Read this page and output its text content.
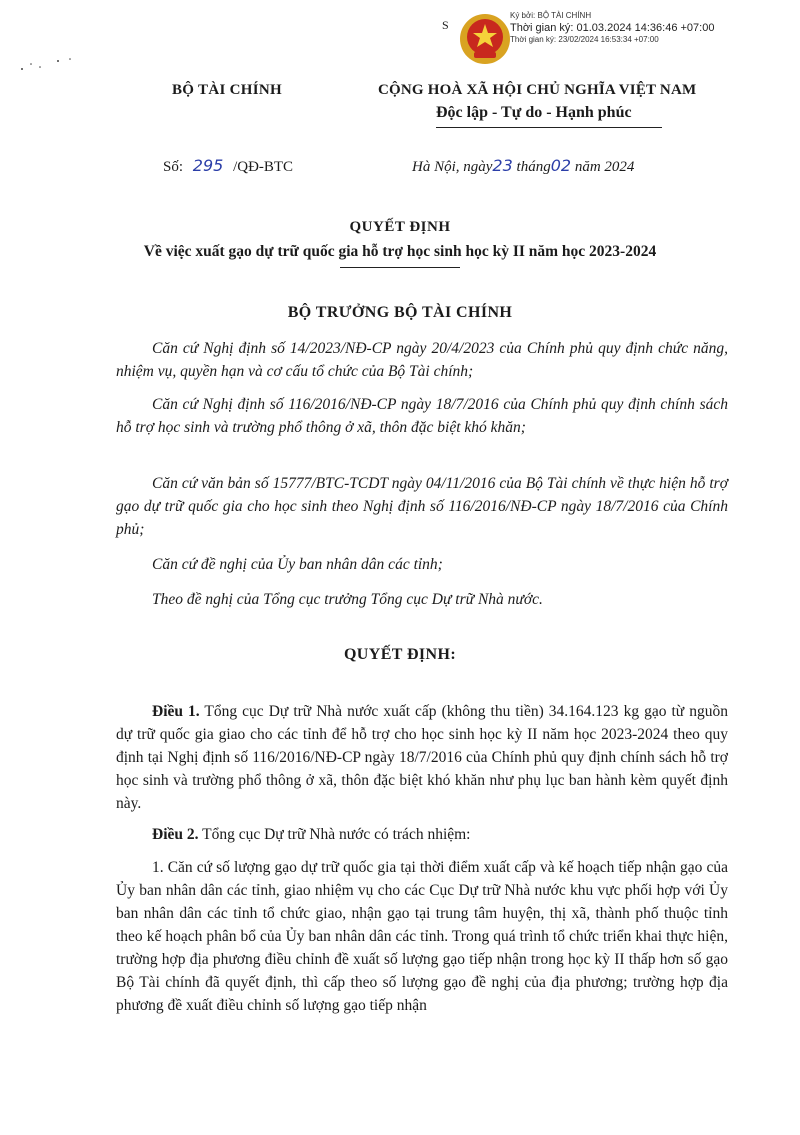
S
Ký bởi: BỘ TÀI CHÍNH
Thời gian ký: 01.03.2024 14:36:46 +07:00
Thời gian ký: 23/02/2024 16:53:34 +07:00
BỘ TÀI CHÍNH	CỘNG HOÀ XÃ HỘI CHỦ NGHĨA VIỆT NAM
Độc lập - Tự do - Hạnh phúc
Số: 295 /QĐ-BTC	Hà Nội, ngày23 tháng02 năm 2024
QUYẾT ĐỊNH
Về việc xuất gạo dự trữ quốc gia hỗ trợ học sinh học kỳ II năm học 2023-2024
BỘ TRƯỞNG BỘ TÀI CHÍNH
Căn cứ Nghị định số 14/2023/NĐ-CP ngày 20/4/2023 của Chính phủ quy định chức năng, nhiệm vụ, quyền hạn và cơ cấu tổ chức của Bộ Tài chính;
Căn cứ Nghị định số 116/2016/NĐ-CP ngày 18/7/2016 của Chính phủ quy định chính sách hỗ trợ học sinh và trường phổ thông ở xã, thôn đặc biệt khó khăn;
Căn cứ văn bản số 15777/BTC-TCDT ngày 04/11/2016 của Bộ Tài chính về thực hiện hỗ trợ gạo dự trữ quốc gia cho học sinh theo Nghị định số 116/2016/NĐ-CP ngày 18/7/2016 của Chính phủ;
Căn cứ đề nghị của Ủy ban nhân dân các tỉnh;
Theo đề nghị của Tổng cục trưởng Tổng cục Dự trữ Nhà nước.
QUYẾT ĐỊNH:
Điều 1. Tổng cục Dự trữ Nhà nước xuất cấp (không thu tiền) 34.164.123 kg gạo từ nguồn dự trữ quốc gia giao cho các tỉnh để hỗ trợ cho học sinh học kỳ II năm học 2023-2024 theo quy định tại Nghị định số 116/2016/NĐ-CP ngày 18/7/2016 của Chính phủ quy định chính sách hỗ trợ học sinh và trường phổ thông ở xã, thôn đặc biệt khó khăn như phụ lục ban hành kèm quyết định này.
Điều 2. Tổng cục Dự trữ Nhà nước có trách nhiệm:
1. Căn cứ số lượng gạo dự trữ quốc gia tại thời điểm xuất cấp và kế hoạch tiếp nhận gạo của Ủy ban nhân dân các tỉnh, giao nhiệm vụ cho các Cục Dự trữ Nhà nước khu vực phối hợp với Ủy ban nhân dân các tỉnh tổ chức giao, nhận gạo tại trung tâm huyện, thị xã, thành phố thuộc tỉnh theo kế hoạch phân bổ của Ủy ban nhân dân các tỉnh. Trong quá trình tổ chức triển khai thực hiện, trường hợp địa phương điều chỉnh đề xuất số lượng gạo tiếp nhận trong học kỳ II thấp hơn số gạo Bộ Tài chính đã quyết định, thì cấp theo số lượng gạo đề nghị của địa phương; trường hợp địa phương đề xuất điều chỉnh số lượng gạo tiếp nhận
